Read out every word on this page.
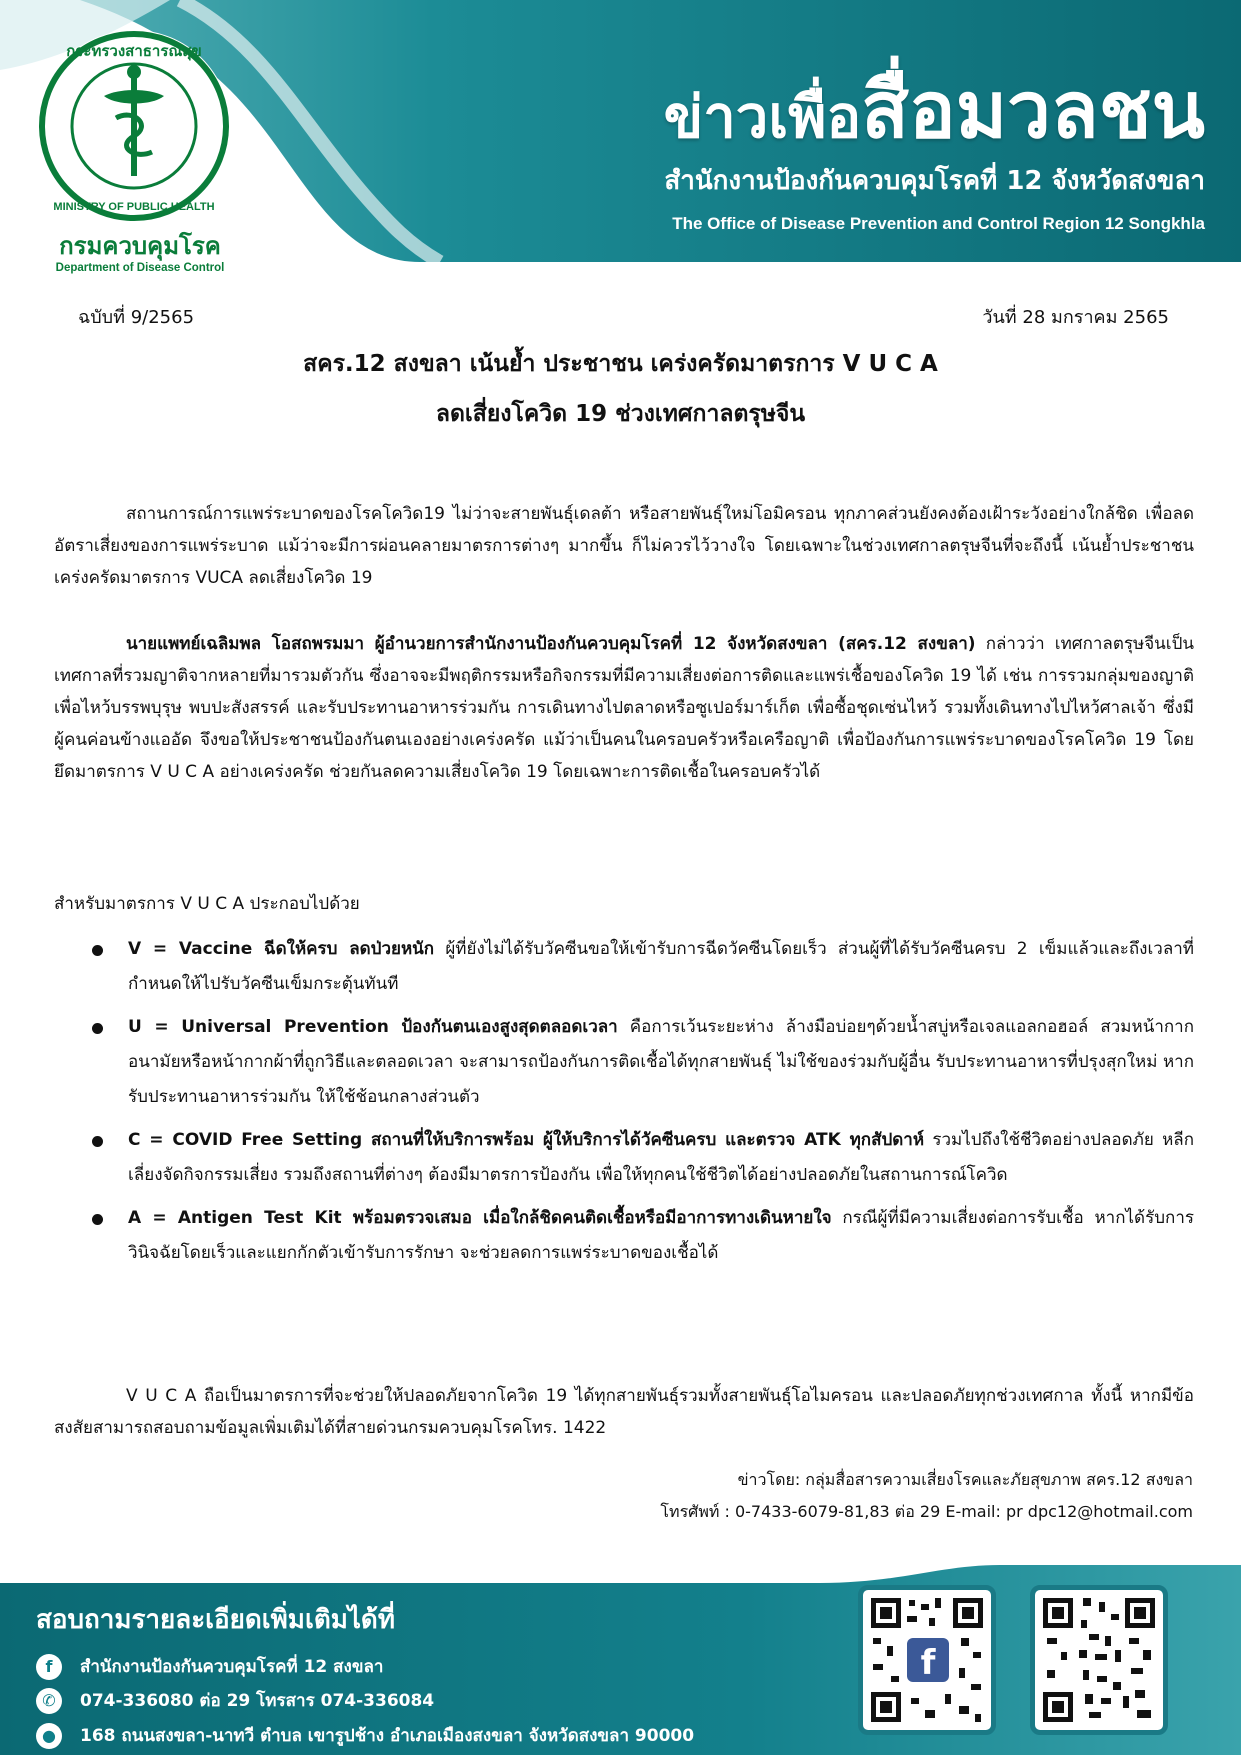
กระทรวงสาธารณสุข
MINISTRY OF PUBLIC HEALTH
กรมควบคุมโรค
Department of Disease Control
ข่าวเพื่อสื่อมวลชน
สำนักงานป้องกันควบคุมโรคที่ 12 จังหวัดสงขลา
The Office of Disease Prevention and Control Region 12 Songkhla
ฉบับที่ 9/2565	วันที่ 28 มกราคม 2565
สคร.12 สงขลา เน้นย้ำ ประชาชน เคร่งครัดมาตรการ V U C A
ลดเสี่ยงโควิด 19 ช่วงเทศกาลตรุษจีน
สถานการณ์การแพร่ระบาดของโรคโควิด19 ไม่ว่าจะสายพันธุ์เดลต้า หรือสายพันธุ์ใหม่โอมิครอน ทุกภาคส่วนยังคงต้องเฝ้าระวังอย่างใกล้ชิด เพื่อลดอัตราเสี่ยงของการแพร่ระบาด แม้ว่าจะมีการผ่อนคลายมาตรการต่างๆ มากขึ้น ก็ไม่ควรไว้วางใจ โดยเฉพาะในช่วงเทศกาลตรุษจีนที่จะถึงนี้ เน้นย้ำประชาชน เคร่งครัดมาตรการ VUCA ลดเสี่ยงโควิด 19
นายแพทย์เฉลิมพล โอสถพรมมา ผู้อำนวยการสำนักงานป้องกันควบคุมโรคที่ 12 จังหวัดสงขลา (สคร.12 สงขลา) กล่าวว่า เทศกาลตรุษจีนเป็นเทศกาลที่รวมญาติจากหลายที่มารวมตัวกัน ซึ่งอาจจะมีพฤติกรรมหรือกิจกรรมที่มีความเสี่ยงต่อการติดและแพร่เชื้อของโควิด 19 ได้ เช่น การรวมกลุ่มของญาติเพื่อไหว้บรรพบุรุษ พบปะสังสรรค์ และรับประทานอาหารร่วมกัน การเดินทางไปตลาดหรือซูเปอร์มาร์เก็ต เพื่อซื้อชุดเซ่นไหว้ รวมทั้งเดินทางไปไหว้ศาลเจ้า ซึ่งมีผู้คนค่อนข้างแออัด จึงขอให้ประชาชนป้องกันตนเองอย่างเคร่งครัด แม้ว่าเป็นคนในครอบครัวหรือเครือญาติ เพื่อป้องกันการแพร่ระบาดของโรคโควิด 19 โดยยึดมาตรการ V U C A อย่างเคร่งครัด ช่วยกันลดความเสี่ยงโควิด 19 โดยเฉพาะการติดเชื้อในครอบครัวได้
สำหรับมาตรการ V U C A ประกอบไปด้วย
V = Vaccine ฉีดให้ครบ ลดป่วยหนัก ผู้ที่ยังไม่ได้รับวัคซีนขอให้เข้ารับการฉีดวัคซีนโดยเร็ว ส่วนผู้ที่ได้รับวัคซีนครบ 2 เข็มแล้วและถึงเวลาที่กำหนดให้ไปรับวัคซีนเข็มกระตุ้นทันที
U = Universal Prevention ป้องกันตนเองสูงสุดตลอดเวลา คือการเว้นระยะห่าง ล้างมือบ่อยๆด้วยน้ำสบู่หรือเจลแอลกอฮอล์ สวมหน้ากากอนามัยหรือหน้ากากผ้าที่ถูกวิธีและตลอดเวลา จะสามารถป้องกันการติดเชื้อได้ทุกสายพันธุ์ ไม่ใช้ของร่วมกับผู้อื่น รับประทานอาหารที่ปรุงสุกใหม่ หากรับประทานอาหารร่วมกัน ให้ใช้ช้อนกลางส่วนตัว
C = COVID Free Setting สถานที่ให้บริการพร้อม ผู้ให้บริการได้วัคซีนครบ และตรวจ ATK ทุกสัปดาห์ รวมไปถึงใช้ชีวิตอย่างปลอดภัย หลีกเลี่ยงจัดกิจกรรมเสี่ยง รวมถึงสถานที่ต่างๆ ต้องมีมาตรการป้องกัน เพื่อให้ทุกคนใช้ชีวิตได้อย่างปลอดภัยในสถานการณ์โควิด
A = Antigen Test Kit พร้อมตรวจเสมอ เมื่อใกล้ชิดคนติดเชื้อหรือมีอาการทางเดินหายใจ กรณีผู้ที่มีความเสี่ยงต่อการรับเชื้อ หากได้รับการวินิจฉัยโดยเร็วและแยกกักตัวเข้ารับการรักษา จะช่วยลดการแพร่ระบาดของเชื้อได้
V U C A ถือเป็นมาตรการที่จะช่วยให้ปลอดภัยจากโควิด 19 ได้ทุกสายพันธุ์รวมทั้งสายพันธุ์โอไมครอน และปลอดภัยทุกช่วงเทศกาล ทั้งนี้ หากมีข้อสงสัยสามารถสอบถามข้อมูลเพิ่มเติมได้ที่สายด่วนกรมควบคุมโรคโทร. 1422
ข่าวโดย: กลุ่มสื่อสารความเสี่ยงโรคและภัยสุขภาพ สคร.12 สงขลา
โทรศัพท์ : 0-7433-6079-81,83 ต่อ 29 E-mail: pr dpc12@hotmail.com
สอบถามรายละเอียดเพิ่มเติมได้ที่
f	สำนักงานป้องกันควบคุมโรคที่ 12 สงขลา
✆	074-336080 ต่อ 29 โทรสาร 074-336084
●	168 ถนนสงขลา-นาทวี ตำบล เขารูปช้าง อำเภอเมืองสงขลา จังหวัดสงขลา 90000
f
